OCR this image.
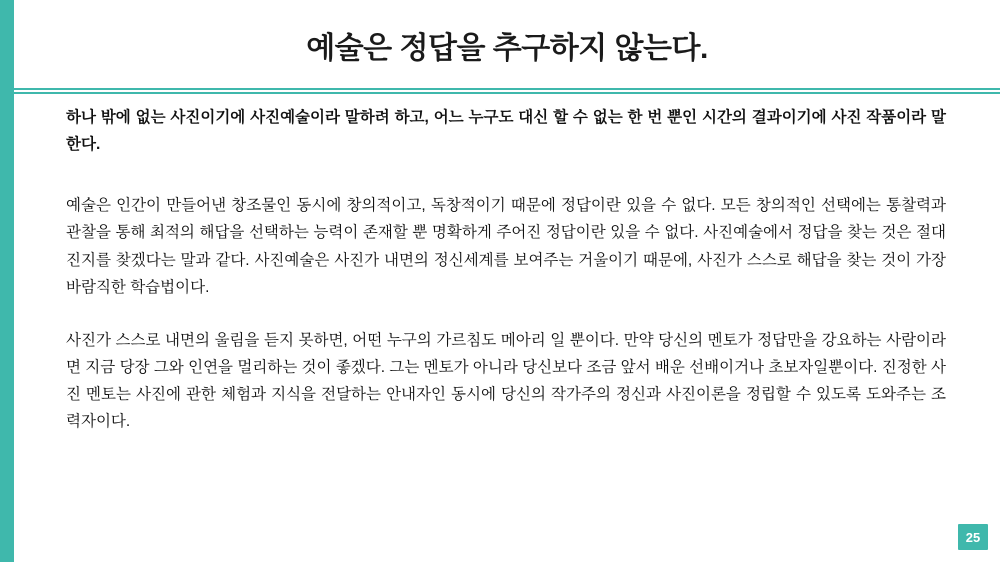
예술은 정답을 추구하지 않는다.

하나 밖에 없는 사진이기에 사진예술이라 말하려 하고, 어느 누구도 대신 할 수 없는 한 번 뿐인 시간의 결과이기에 사진 작품이라 말한다.

예술은 인간이 만들어낸 창조물인 동시에 창의적이고, 독창적이기 때문에 정답이란 있을 수 없다. 모든 창의적인 선택에는 통찰력과 관찰을 통해 최적의 해답을 선택하는 능력이 존재할 뿐 명확하게 주어진 정답이란 있을 수 없다. 사진예술에서 정답을 찾는 것은 절대 진지를 찾겠다는 말과 같다. 사진예술은 사진가 내면의 정신세계를 보여주는 거울이기 때문에, 사진가 스스로 해답을 찾는 것이 가장 바람직한 학습법이다.

사진가 스스로 내면의 울림을 듣지 못하면, 어떤 누구의 가르침도 메아리 일 뿐이다. 만약 당신의 멘토가 정답만을 강요하는 사람이라면 지금 당장 그와 인연을 멀리하는 것이 좋겠다. 그는 멘토가 아니라 당신보다 조금 앞서 배운 선배이거나 초보자일뿐이다. 진정한 사진 멘토는 사진에 관한 체험과 지식을 전달하는 안내자인 동시에 당신의 작가주의 정신과 사진이론을 정립할 수 있도록 도와주는 조력자이다.

25
